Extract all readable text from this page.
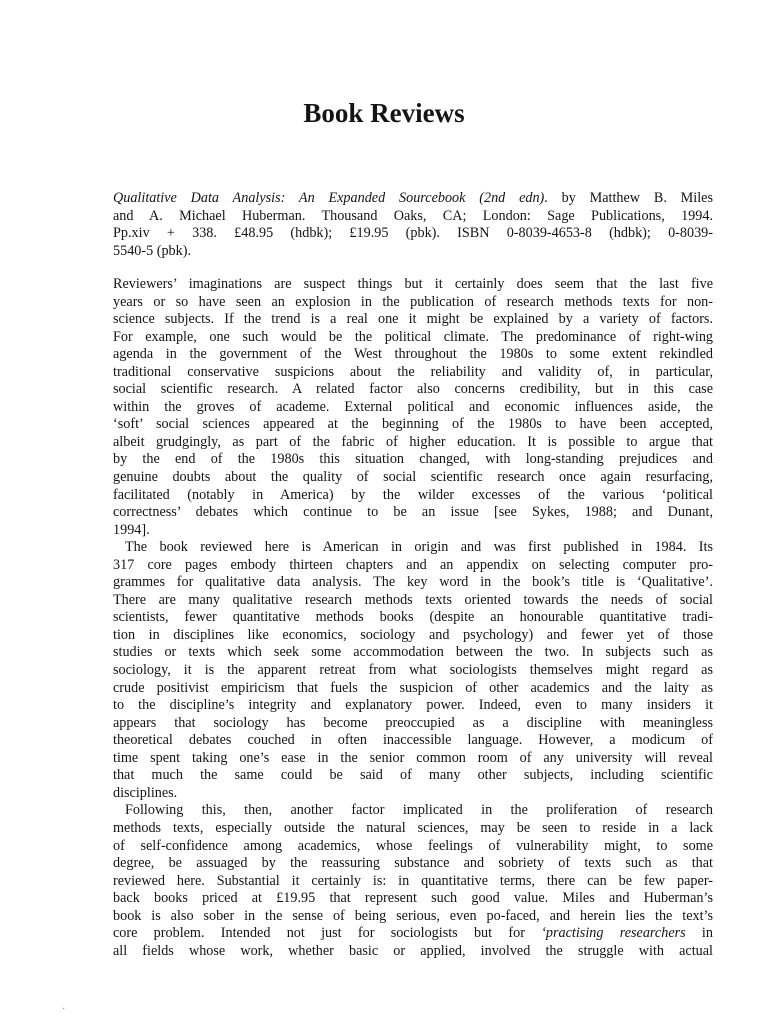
Book Reviews
Qualitative Data Analysis: An Expanded Sourcebook (2nd edn). by Matthew B. Miles
and A. Michael Huberman. Thousand Oaks, CA; London: Sage Publications, 1994.
Pp.xiv + 338. £48.95 (hdbk); £19.95 (pbk). ISBN 0-8039-4653-8 (hdbk); 0-8039-
5540-5 (pbk).
Reviewers’ imaginations are suspect things but it certainly does seem that the last five
years or so have seen an explosion in the publication of research methods texts for non-
science subjects. If the trend is a real one it might be explained by a variety of factors.
For example, one such would be the political climate. The predominance of right-wing
agenda in the government of the West throughout the 1980s to some extent rekindled
traditional conservative suspicions about the reliability and validity of, in particular,
social scientific research. A related factor also concerns credibility, but in this case
within the groves of academe. External political and economic influences aside, the
‘soft’ social sciences appeared at the beginning of the 1980s to have been accepted,
albeit grudgingly, as part of the fabric of higher education. It is possible to argue that
by the end of the 1980s this situation changed, with long-standing prejudices and
genuine doubts about the quality of social scientific research once again resurfacing,
facilitated (notably in America) by the wilder excesses of the various ‘political
correctness’ debates which continue to be an issue [see Sykes, 1988; and Dunant,
1994].
The book reviewed here is American in origin and was first published in 1984. Its
317 core pages embody thirteen chapters and an appendix on selecting computer pro-
grammes for qualitative data analysis. The key word in the book’s title is ‘Qualitative’.
There are many qualitative research methods texts oriented towards the needs of social
scientists, fewer quantitative methods books (despite an honourable quantitative tradi-
tion in disciplines like economics, sociology and psychology) and fewer yet of those
studies or texts which seek some accommodation between the two. In subjects such as
sociology, it is the apparent retreat from what sociologists themselves might regard as
crude positivist empiricism that fuels the suspicion of other academics and the laity as
to the discipline’s integrity and explanatory power. Indeed, even to many insiders it
appears that sociology has become preoccupied as a discipline with meaningless
theoretical debates couched in often inaccessible language. However, a modicum of
time spent taking one’s ease in the senior common room of any university will reveal
that much the same could be said of many other subjects, including scientific
disciplines.
Following this, then, another factor implicated in the proliferation of research
methods texts, especially outside the natural sciences, may be seen to reside in a lack
of self-confidence among academics, whose feelings of vulnerability might, to some
degree, be assuaged by the reassuring substance and sobriety of texts such as that
reviewed here. Substantial it certainly is: in quantitative terms, there can be few paper-
back books priced at £19.95 that represent such good value. Miles and Huberman’s
book is also sober in the sense of being serious, even po-faced, and herein lies the text’s
core problem. Intended not just for sociologists but for ‘practising researchers in
all fields whose work, whether basic or applied, involved the struggle with actual
·
